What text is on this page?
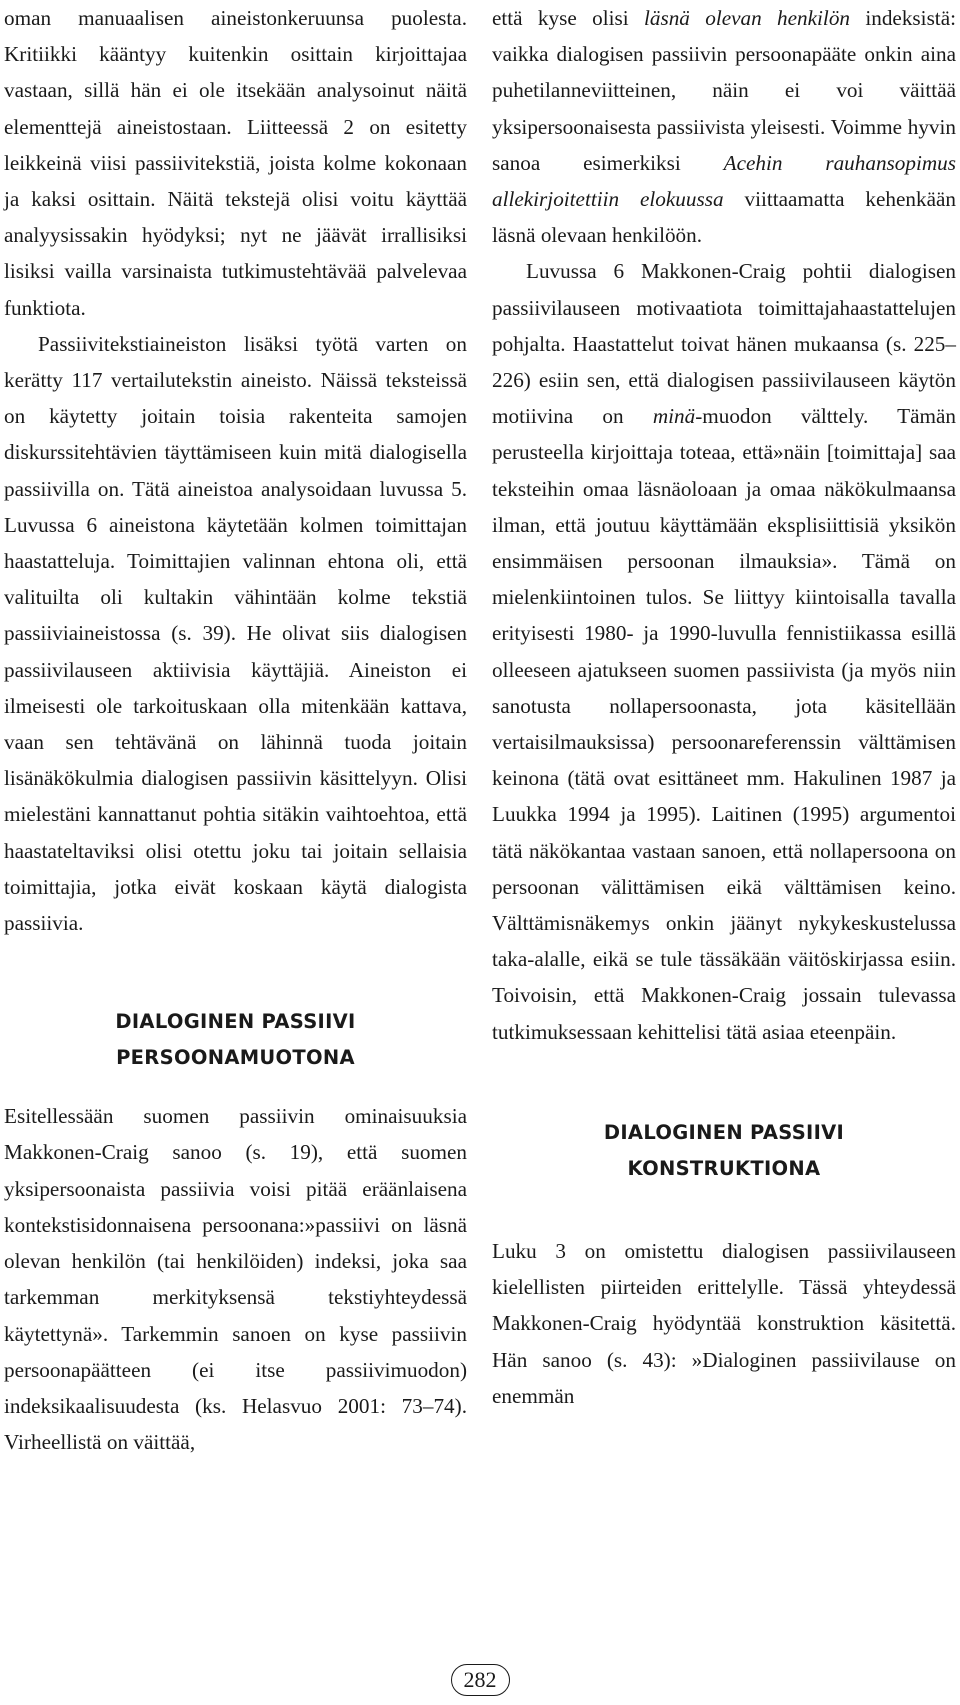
oman manuaalisen aineistonkeruunsa puolesta. Kritiikki kääntyy kuitenkin osittain kirjoittajaa vastaan, sillä hän ei ole itsekään analysoinut näitä elementtejä aineistostaan. Liitteessä 2 on esitetty leikkeinä viisi passiivitekstiä, joista kolme kokonaan ja kaksi osittain. Näitä tekstejä olisi voitu käyttää analyysissakin hyödyksi; nyt ne jäävät irrallisiksi lisiksi vailla varsinaista tutkimustehtävää palvelevaa funktiota.

Passiivitekstiaineiston lisäksi työtä varten on kerätty 117 vertailutekstin aineisto. Näissä teksteissä on käytetty joitain toisia rakenteita samojen diskurssitehtävien täyttämiseen kuin mitä dialogisella passiivilla on. Tätä aineistoa analysoidaan luvussa 5. Luvussa 6 aineistona käytetään kolmen toimittajan haastatteluja. Toimittajien valinnan ehtona oli, että valituilta oli kultakin vähintään kolme tekstiä passiiviaineistossa (s. 39). He olivat siis dialogisen passiivilauseen aktiivisia käyttäjiä. Aineiston ei ilmeisesti ole tarkoituskaan olla mitenkään kattava, vaan sen tehtävänä on lähinnä tuoda joitain lisänäkökulmia dialogisen passiivin käsittelyyn. Olisi mielestäni kannattanut pohtia sitäkin vaihtoehtoa, että haastateltaviksi olisi otettu joku tai joitain sellaisia toimittajia, jotka eivät koskaan käytä dialogista passiivia.

DIALOGINEN PASSIIVI
PERSOONAMUOTONA

Esitellessään suomen passiivin ominaisuuksia Makkonen-Craig sanoo (s. 19), että suomen yksipersoonaista passiivia voisi pitää eräänlaisena kontekstisidonnaisena persoonana:»passiivi on läsnä olevan henkilön (tai henkilöiden) indeksi, joka saa tarkemman merkityksensä tekstiyhteydessä käytettynä». Tarkemmin sanoen on kyse passiivin persoonapäätteen (ei itse passiivimuodon) indeksikaalisuudesta (ks. Helasvuo 2001: 73–74). Virheellistä on väittää,

että kyse olisi läsnä olevan henkilön indeksistä: vaikka dialogisen passiivin persoonapääte onkin aina puhetilanneviitteinen, näin ei voi väittää yksipersoonaisesta passiivista yleisesti. Voimme hyvin sanoa esimerkiksi Acehin rauhansopimus allekirjoitettiin elokuussa viittaamatta kehenkään läsnä olevaan henkilöön.

Luvussa 6 Makkonen-Craig pohtii dialogisen passiivilauseen motivaatiota toimittajahaastattelujen pohjalta. Haastattelut toivat hänen mukaansa (s. 225–226) esiin sen, että dialogisen passiivilauseen käytön motiivina on minä-muodon välttely. Tämän perusteella kirjoittaja toteaa, että»näin [toimittaja] saa teksteihin omaa läsnäoloaan ja omaa näkökulmaansa ilman, että joutuu käyttämään eksplisiittisiä yksikön ensimmäisen persoonan ilmauksia». Tämä on mielenkiintoinen tulos. Se liittyy kiintoisalla tavalla erityisesti 1980- ja 1990-luvulla fennistiikassa esillä olleeseen ajatukseen suomen passiivista (ja myös niin sanotusta nollapersoonasta, jota käsitellään vertaisilmauksissa) persoonareferenssin välttämisen keinona (tätä ovat esittäneet mm. Hakulinen 1987 ja Luukka 1994 ja 1995). Laitinen (1995) argumentoi tätä näkökantaa vastaan sanoen, että nollapersoona on persoonan välittämisen eikä välttämisen keino. Välttämisnäkemys onkin jäänyt nykykeskustelussa taka-alalle, eikä se tule tässäkään väitöskirjassa esiin. Toivoisin, että Makkonen-Craig jossain tulevassa tutkimuksessaan kehittelisi tätä asiaa eteenpäin.

DIALOGINEN PASSIIVI
KONSTRUKTIONA

Luku 3 on omistettu dialogisen passiivilauseen kielellisten piirteiden erittelylle. Tässä yhteydessä Makkonen-Craig hyödyntää konstruktion käsitettä. Hän sanoo (s. 43): »Dialoginen passiivilause on enemmän

282
